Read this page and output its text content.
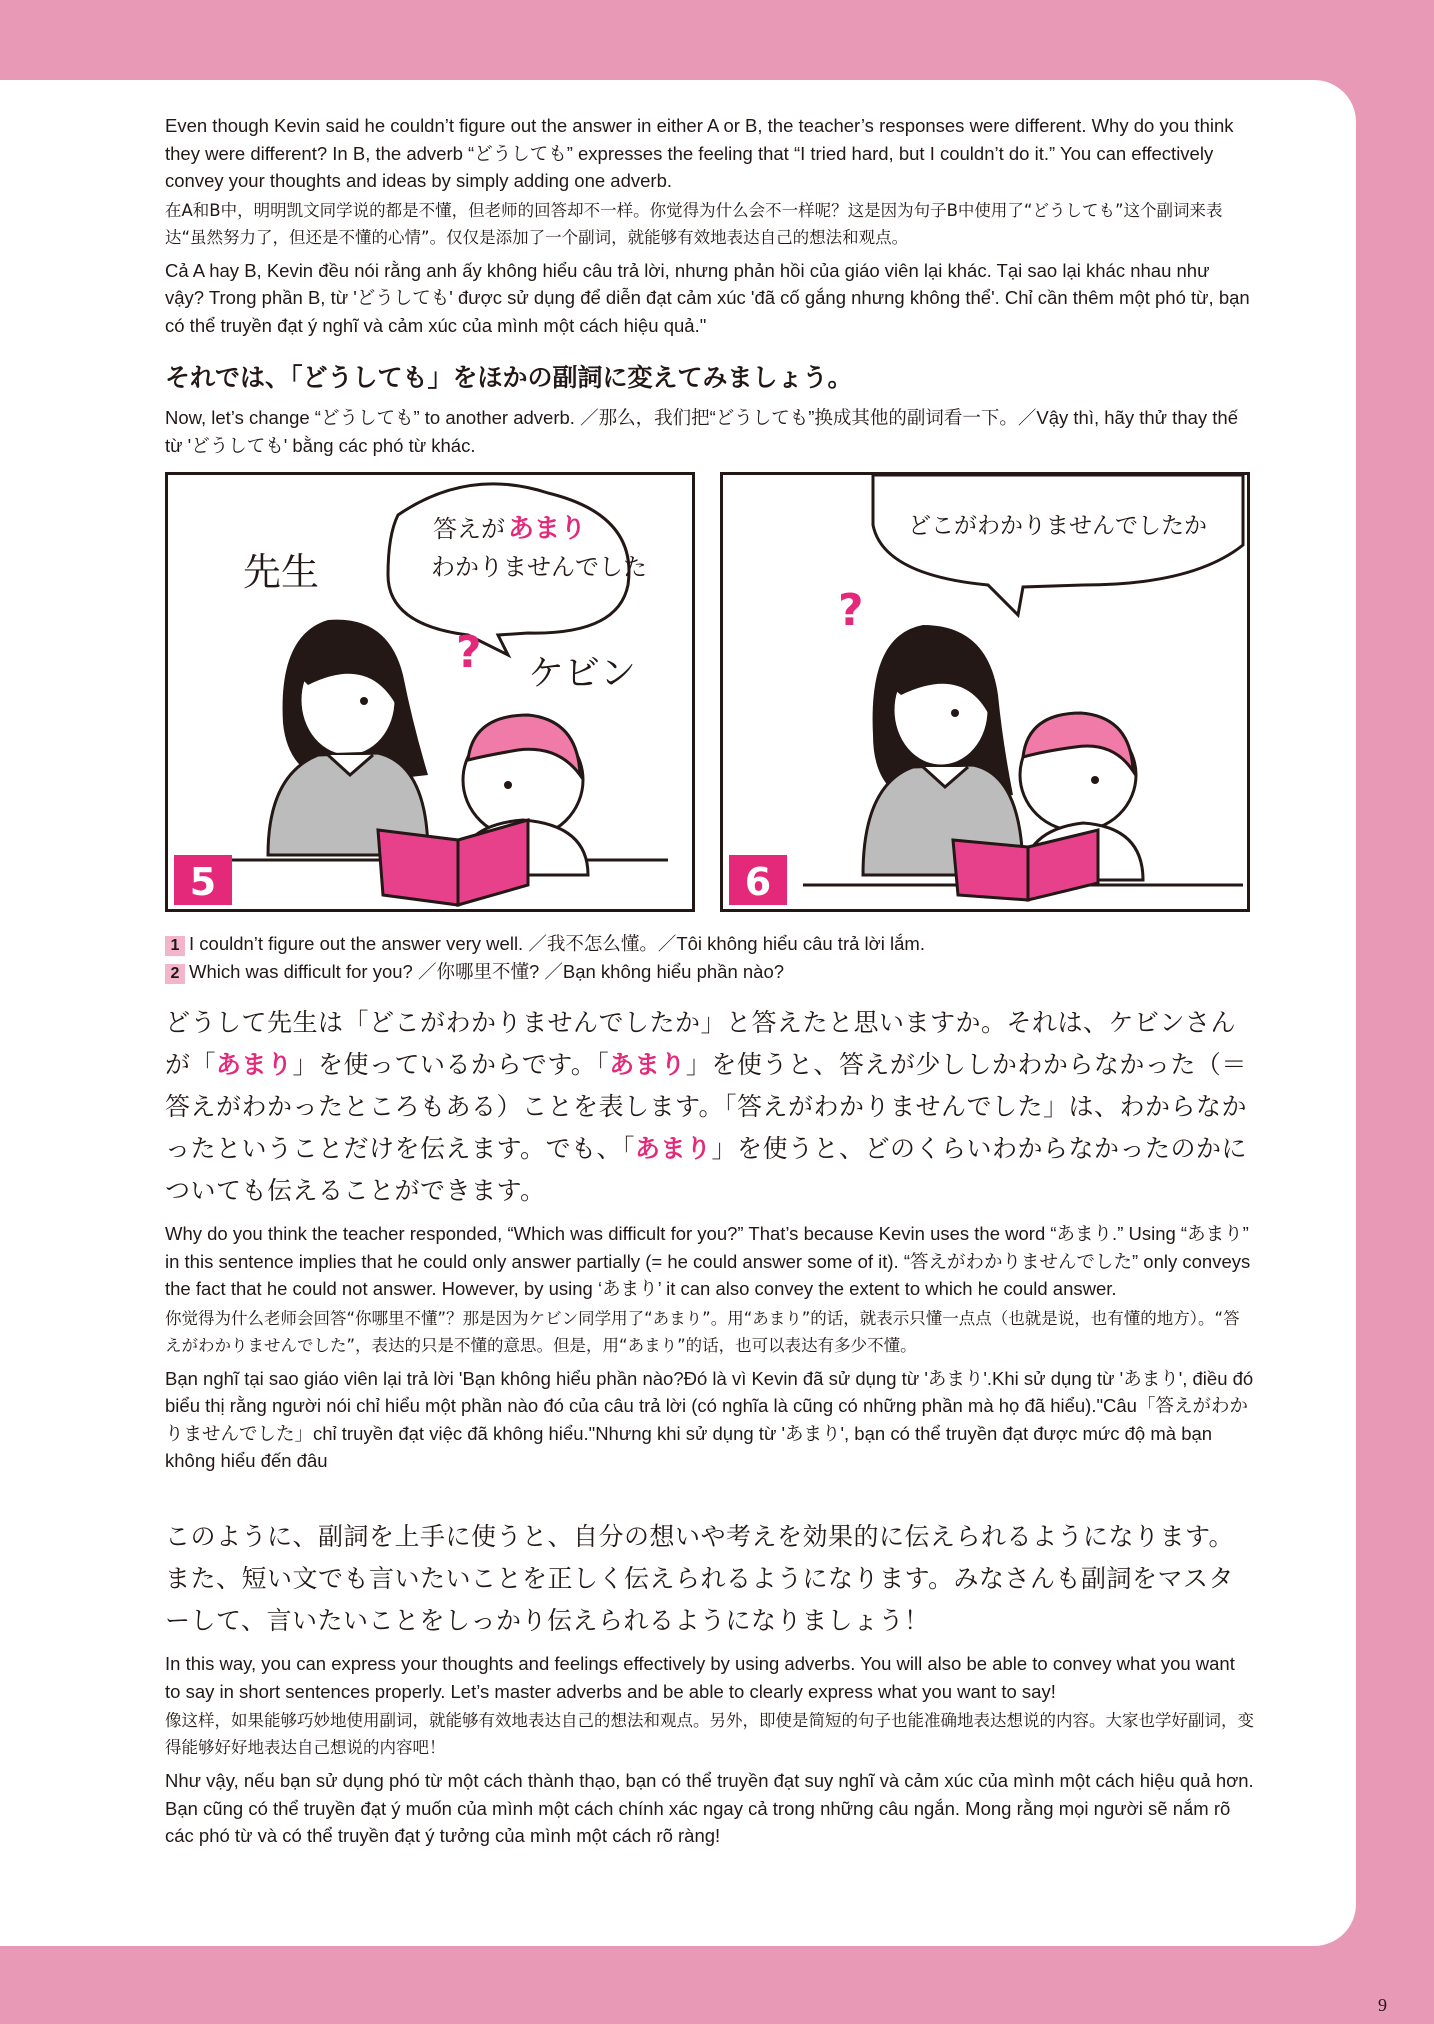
Even though Kevin said he couldn’t figure out the answer in either A or B, the teacher’s responses were different. Why do you think they were different? In B, the adverb “どうしても” expresses the feeling that “I tried hard, but I couldn’t do it.” You can effectively convey your thoughts and ideas by simply adding one adverb.

在A和B中，明明凯文同学说的都是不懂，但老师的回答却不一样。你觉得为什么会不一样呢？这是因为句子B中使用了“どうしても”这个副词来表达“虽然努力了，但还是不懂的心情”。仅仅是添加了一个副词，就能够有效地表达自己的想法和观点。

Cả A hay B, Kevin đều nói rằng anh ấy không hiểu câu trả lời, nhưng phản hồi của giáo viên lại khác. Tại sao lại khác nhau như vậy? Trong phần B, từ 'どうしても' được sử dụng để diễn đạt cảm xúc 'đã cố gắng nhưng không thể'. Chỉ cần thêm một phó từ, bạn có thể truyền đạt ý nghĩ và cảm xúc của mình một cách hiệu quả."

それでは、「どうしても」をほかの副詞に変えてみましょう。

Now, let’s change “どうしても” to another adverb. ／那么，我们把“どうしても”换成其他的副词看一下。／Vậy thì, hãy thử thay thế từ 'どうしても' bằng các phó từ khác.

答えが あまり
わかりませんでした
先生
ケビン
?
5
どこがわかりませんでしたか
?
6

1 I couldn’t figure out the answer very well. ／我不怎么懂。／Tôi không hiểu câu trả lời lắm.

2 Which was difficult for you? ／你哪里不懂? ／Bạn không hiểu phần nào?

どうして先生は「どこがわかりませんでしたか」と答えたと思いますか。それは、ケビンさんが「あまり」を使っているからです。「あまり」を使うと、答えが少ししかわからなかった（＝答えがわかったところもある）ことを表します。「答えがわかりませんでした」は、わからなかったということだけを伝えます。でも、「あまり」を使うと、どのくらいわからなかったのかについても伝えることができます。

Why do you think the teacher responded, “Which was difficult for you?” That’s because Kevin uses the word “あまり.” Using “あまり” in this sentence implies that he could only answer partially (= he could answer some of it). “答えがわかりませんでした” only conveys the fact that he could not answer. However, by using ‘あまり’ it can also convey the extent to which he could answer.

你觉得为什么老师会回答“你哪里不懂”？那是因为ケビン同学用了“あまり”。用“あまり”的话，就表示只懂一点点（也就是说，也有懂的地方）。“答えがわかりませんでした”，表达的只是不懂的意思。但是，用“あまり”的话，也可以表达有多少不懂。

Bạn nghĩ tại sao giáo viên lại trả lời 'Bạn không hiểu phần nào?Đó là vì Kevin đã sử dụng từ 'あまり'.Khi sử dụng từ 'あまり', điều đó biểu thị rằng người nói chỉ hiểu một phần nào đó của câu trả lời (có nghĩa là cũng có những phần mà họ đã hiểu)."Câu「答えがわかりませんでした」chỉ truyền đạt việc đã không hiểu."Nhưng khi sử dụng từ 'あまり', bạn có thể truyền đạt được mức độ mà bạn không hiểu đến đâu

このように、副詞を上手に使うと、自分の想いや考えを効果的に伝えられるようになります。また、短い文でも言いたいことを正しく伝えられるようになります。みなさんも副詞をマスターして、言いたいことをしっかり伝えられるようになりましょう！

In this way, you can express your thoughts and feelings effectively by using adverbs. You will also be able to convey what you want to say in short sentences properly. Let’s master adverbs and be able to clearly express what you want to say!

像这样，如果能够巧妙地使用副词，就能够有效地表达自己的想法和观点。另外，即使是简短的句子也能准确地表达想说的内容。大家也学好副词，变得能够好好地表达自己想说的内容吧！

Như vậy, nếu bạn sử dụng phó từ một cách thành thạo, bạn có thể truyền đạt suy nghĩ và cảm xúc của mình một cách hiệu quả hơn. Bạn cũng có thể truyền đạt ý muốn của mình một cách chính xác ngay cả trong những câu ngắn. Mong rằng mọi người sẽ nắm rõ các phó từ và có thể truyền đạt ý tưởng của mình một cách rõ ràng!

9
